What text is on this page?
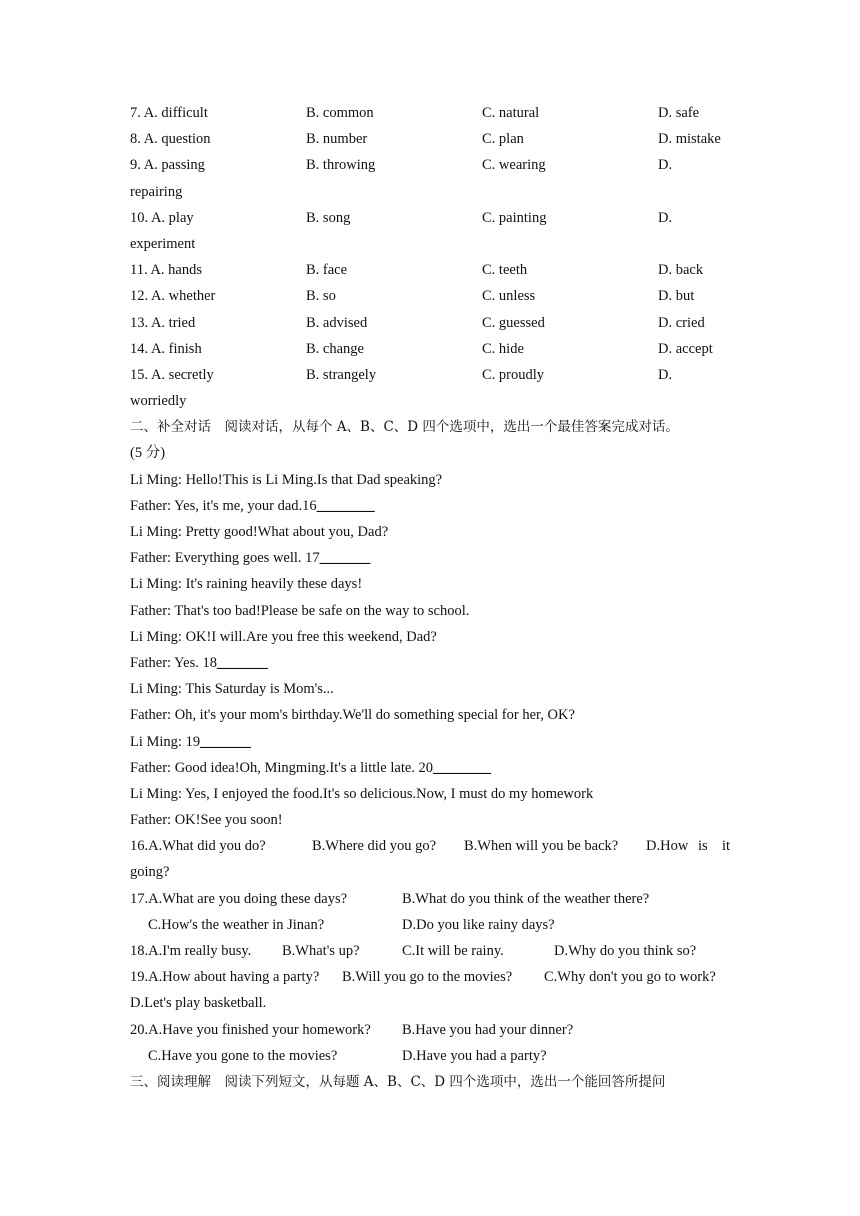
7. A. difficult	B. common	C. natural	D. safe
8. A. question	B. number	C. plan	D. mistake
9. A. passing	B. throwing	C. wearing	D.
repairing
10. A. play	B. song	C. painting	D.
experiment
11. A. hands	B. face	C. teeth	D. back
12. A. whether	B. so	C. unless	D. but
13. A. tried	B. advised	C. guessed	D. cried
14. A. finish	B. change	C. hide	D. accept
15. A. secretly	B. strangely	C. proudly	D.
worriedly
二、补全对话　阅读对话，从每个 A、B、C、D 四个选项中，选出一个最佳答案完成对话。
(5 分)
Li Ming: Hello!This is Li Ming.Is that Dad speaking?
Father: Yes, it's me, your dad.16________
Li Ming: Pretty good!What about you, Dad?
Father: Everything goes well. 17_______
Li Ming: It's raining heavily these days!
Father: That's too bad!Please be safe on the way to school.
Li Ming: OK!I will.Are you free this weekend, Dad?
Father: Yes. 18_______
Li Ming: This Saturday is Mom's...
Father: Oh, it's your mom's birthday.We'll do something special for her, OK?
Li Ming: 19_______
Father: Good idea!Oh, Mingming.It's a little late. 20________
Li Ming: Yes, I enjoyed the food.It's so delicious.Now, I must do my homework
Father: OK!See you soon!
16.A.What did you do?	B.Where did you go? B.When will you be back? D.How is it
going?
17.A.What are you doing these days?	B.What do you think of the weather there?
C.How's the weather in Jinan?	D.Do you like rainy days?
18.A.I'm really busy. B.What's up?	C.It will be rainy.	D.Why do you think so?
19.A.How about having a party? B.Will you go to the movies? C.Why don't you go to work?
D.Let's play basketball.
20.A.Have you finished your homework? B.Have you had your dinner?
C.Have you gone to the movies?	D.Have you had a party?
三、阅读理解　阅读下列短文，从每题 A、B、C、D 四个选项中，选出一个能回答所提问
